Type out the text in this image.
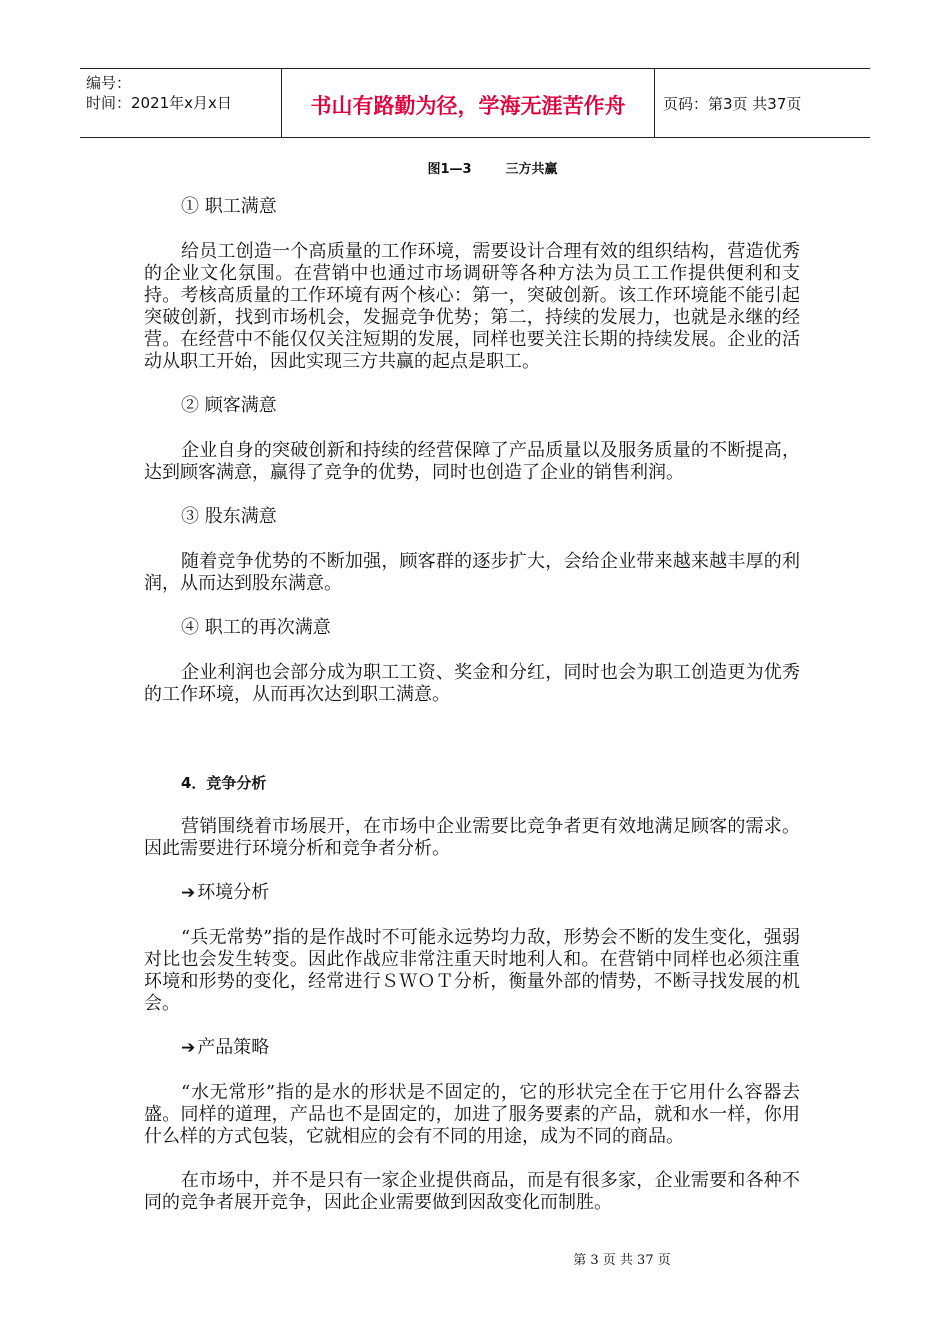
编号：
时间：2021年x月x日	书山有路勤为径，学海无涯苦作舟	页码：第3页 共37页
图1—3	三方共赢

① 职工满意

给员工创造一个高质量的工作环境，需要设计合理有效的组织结构，营造优秀的企业文化氛围。在营销中也通过市场调研等各种方法为员工工作提供便利和支持。考核高质量的工作环境有两个核心：第一，突破创新。该工作环境能不能引起突破创新，找到市场机会，发掘竞争优势；第二，持续的发展力，也就是永继的经营。在经营中不能仅仅关注短期的发展，同样也要关注长期的持续发展。企业的活动从职工开始，因此实现三方共赢的起点是职工。

② 顾客满意

企业自身的突破创新和持续的经营保障了产品质量以及服务质量的不断提高，达到顾客满意，赢得了竞争的优势，同时也创造了企业的销售利润。

③ 股东满意

随着竞争优势的不断加强，顾客群的逐步扩大，会给企业带来越来越丰厚的利润，从而达到股东满意。

④ 职工的再次满意

企业利润也会部分成为职工工资、奖金和分红，同时也会为职工创造更为优秀的工作环境，从而再次达到职工满意。

4．竞争分析

营销围绕着市场展开，在市场中企业需要比竞争者更有效地满足顾客的需求。因此需要进行环境分析和竞争者分析。

➔ 环境分析

“兵无常势”指的是作战时不可能永远势均力敌，形势会不断的发生变化，强弱对比也会发生转变。因此作战应非常注重天时地利人和。在营销中同样也必须注重环境和形势的变化，经常进行ＳＷＯＴ分析，衡量外部的情势，不断寻找发展的机会。

➔ 产品策略

“水无常形”指的是水的形状是不固定的，它的形状完全在于它用什么容器去盛。同样的道理，产品也不是固定的，加进了服务要素的产品，就和水一样，你用什么样的方式包装，它就相应的会有不同的用途，成为不同的商品。

在市场中，并不是只有一家企业提供商品，而是有很多家，企业需要和各种不同的竞争者展开竞争，因此企业需要做到因敌变化而制胜。

第 3 页 共 37 页
